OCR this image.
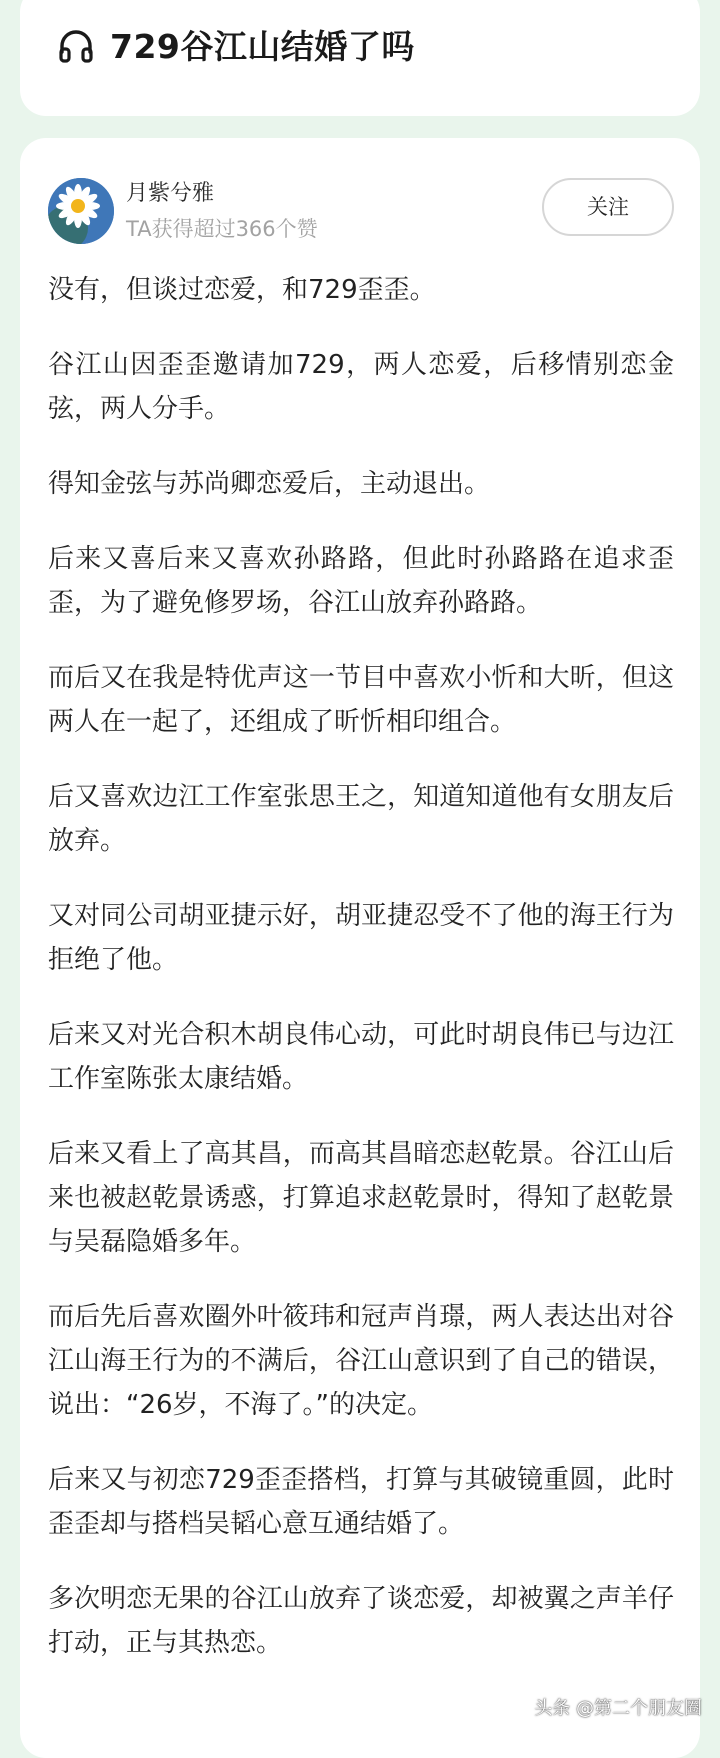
729谷江山结婚了吗
月紫兮雅
TA获得超过366个赞
关注

没有，但谈过恋爱，和729歪歪。

谷江山因歪歪邀请加729，两人恋爱，后移情别恋金弦，两人分手。

得知金弦与苏尚卿恋爱后，主动退出。

后来又喜后来又喜欢孙路路，但此时孙路路在追求歪歪，为了避免修罗场，谷江山放弃孙路路。

而后又在我是特优声这一节目中喜欢小忻和大昕，但这两人在一起了，还组成了昕忻相印组合。

后又喜欢边江工作室张思王之，知道知道他有女朋友后放弃。

又对同公司胡亚捷示好，胡亚捷忍受不了他的海王行为拒绝了他。

后来又对光合积木胡良伟心动，可此时胡良伟已与边江工作室陈张太康结婚。

后来又看上了高其昌，而高其昌暗恋赵乾景。谷江山后来也被赵乾景诱惑，打算追求赵乾景时，得知了赵乾景与吴磊隐婚多年。

而后先后喜欢圈外叶筱玮和冠声肖璟，两人表达出对谷江山海王行为的不满后，谷江山意识到了自己的错误，说出：“26岁，不海了。”的决定。

后来又与初恋729歪歪搭档，打算与其破镜重圆，此时歪歪却与搭档吴韬心意互通结婚了。

多次明恋无果的谷江山放弃了谈恋爱，却被翼之声羊仔打动，正与其热恋。

头条 @第二个朋友圈
